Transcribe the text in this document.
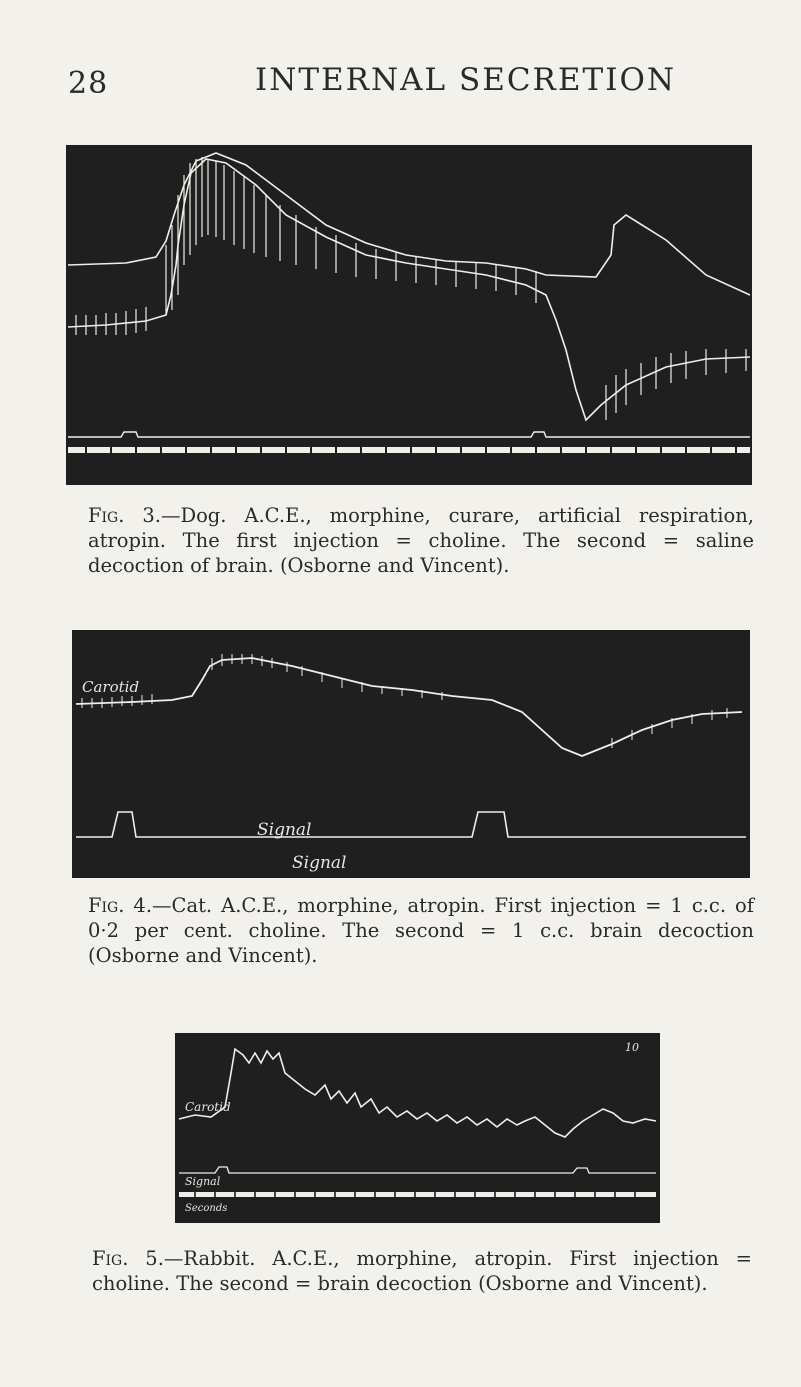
28	INTERNAL SECRETION

Fig. 3.—Dog. A.C.E., morphine, curare, artificial respiration, atropin. The first injection = choline. The second = saline decoction of brain. (Osborne and Vincent).

Carotid
Signal
Signal

Fig. 4.—Cat. A.C.E., morphine, atropin. First injection = 1 c.c. of 0·2 per cent. choline. The second = 1 c.c. brain decoction (Osborne and Vincent).

Carotid
10
Signal
Seconds

Fig. 5.—Rabbit. A.C.E., morphine, atropin. First injection = choline. The second = brain decoction (Osborne and Vincent).
